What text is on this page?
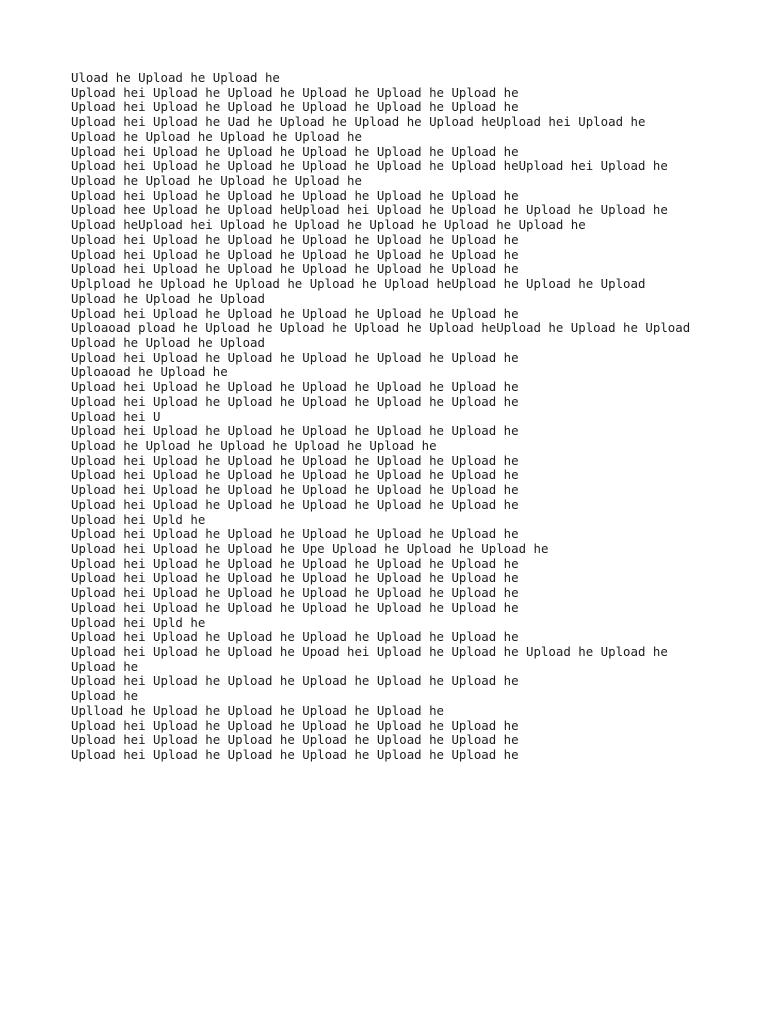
Uload he Upload he Upload he
Upload hei Upload he Upload he Upload he Upload he Upload he
Upload hei Upload he Upload he Upload he Upload he Upload he
Upload hei Upload he Uad he Upload he Upload he Upload heUpload hei Upload he
Upload he Upload he Upload he Upload he
Upload hei Upload he Upload he Upload he Upload he Upload he
Upload hei Upload he Upload he Upload he Upload he Upload heUpload hei Upload he
Upload he Upload he Upload he Upload he
Upload hei Upload he Upload he Upload he Upload he Upload he
Upload hee Upload he Upload heUpload hei Upload he Upload he Upload he Upload he
Upload heUpload hei Upload he Upload he Upload he Upload he Upload he
Upload hei Upload he Upload he Upload he Upload he Upload he
Upload hei Upload he Upload he Upload he Upload he Upload he
Upload hei Upload he Upload he Upload he Upload he Upload he
Uplpload he Upload he Upload he Upload he Upload heUpload he Upload he Upload
Upload he Upload he Upload
Upload hei Upload he Upload he Upload he Upload he Upload he
Uploaoad pload he Upload he Upload he Upload he Upload heUpload he Upload he Upload
Upload he Upload he Upload
Upload hei Upload he Upload he Upload he Upload he Upload he
Uploaoad he Upload he
Upload hei Upload he Upload he Upload he Upload he Upload he
Upload hei Upload he Upload he Upload he Upload he Upload he
Upload hei U
Upload hei Upload he Upload he Upload he Upload he Upload he
Upload he Upload he Upload he Upload he Upload he
Upload hei Upload he Upload he Upload he Upload he Upload he
Upload hei Upload he Upload he Upload he Upload he Upload he
Upload hei Upload he Upload he Upload he Upload he Upload he
Upload hei Upload he Upload he Upload he Upload he Upload he
Upload hei Upld he
Upload hei Upload he Upload he Upload he Upload he Upload he
Upload hei Upload he Upload he Upe Upload he Upload he Upload he
Upload hei Upload he Upload he Upload he Upload he Upload he
Upload hei Upload he Upload he Upload he Upload he Upload he
Upload hei Upload he Upload he Upload he Upload he Upload he
Upload hei Upload he Upload he Upload he Upload he Upload he
Upload hei Upld he
Upload hei Upload he Upload he Upload he Upload he Upload he
Upload hei Upload he Upload he Upoad hei Upload he Upload he Upload he Upload he
Upload he
Upload hei Upload he Upload he Upload he Upload he Upload he
Upload he
Uplload he Upload he Upload he Upload he Upload he
Upload hei Upload he Upload he Upload he Upload he Upload he
Upload hei Upload he Upload he Upload he Upload he Upload he
Upload hei Upload he Upload he Upload he Upload he Upload he
